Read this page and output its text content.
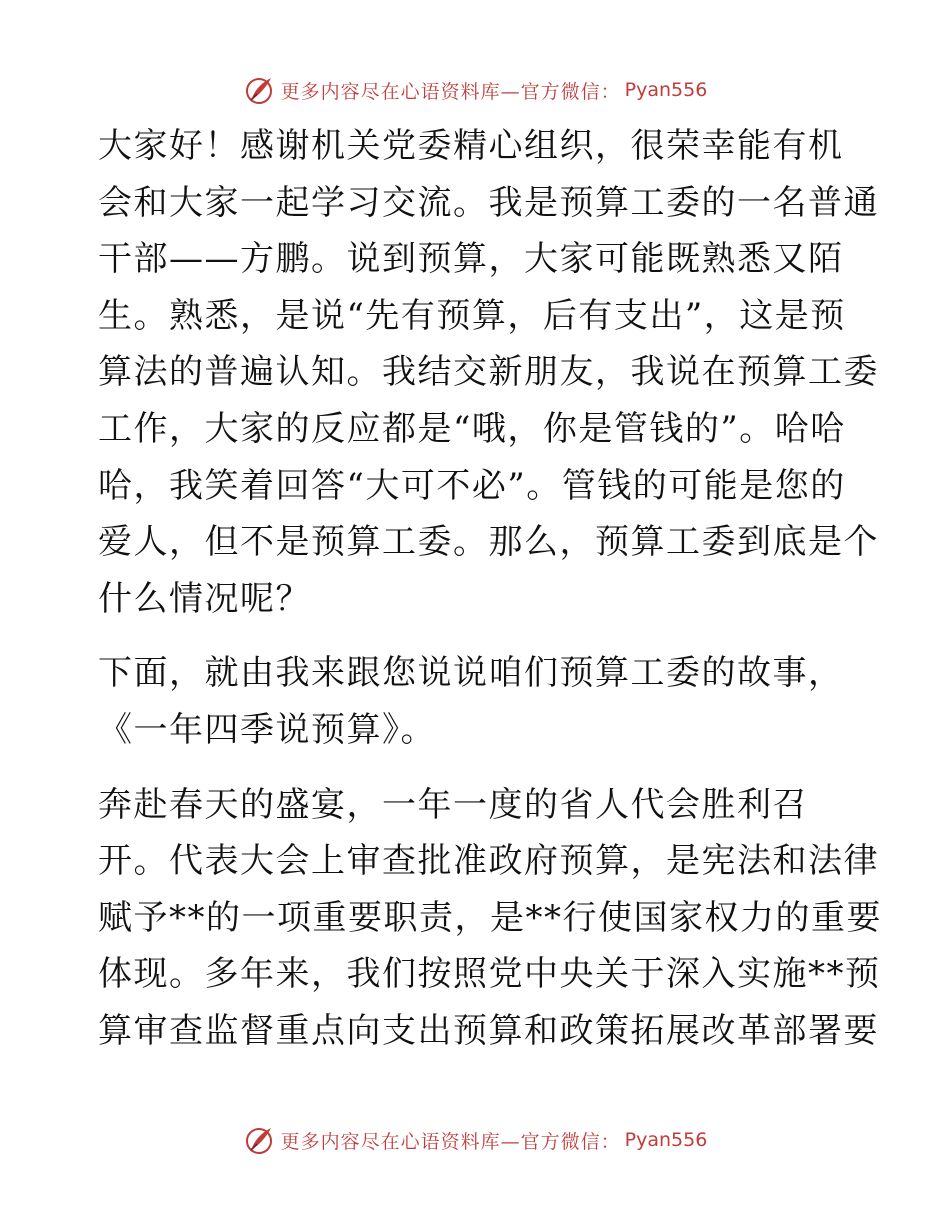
更多内容尽在心语资料库—官方微信： Pyan556

大家好！感谢机关党委精心组织，很荣幸能有机
会和大家一起学习交流。我是预算工委的一名普通
干部——方鹏。说到预算，大家可能既熟悉又陌
生。熟悉，是说“先有预算，后有支出”，这是预
算法的普遍认知。我结交新朋友，我说在预算工委
工作，大家的反应都是“哦，你是管钱的”。哈哈
哈，我笑着回答“大可不必”。管钱的可能是您的
爱人，但不是预算工委。那么，预算工委到底是个
什么情况呢？

下面，就由我来跟您说说咱们预算工委的故事，
《一年四季说预算》。

奔赴春天的盛宴，一年一度的省人代会胜利召
开。代表大会上审查批准政府预算，是宪法和法律
赋予**的一项重要职责，是**行使国家权力的重要
体现。多年来，我们按照党中央关于深入实施**预
算审查监督重点向支出预算和政策拓展改革部署要

更多内容尽在心语资料库—官方微信： Pyan556
